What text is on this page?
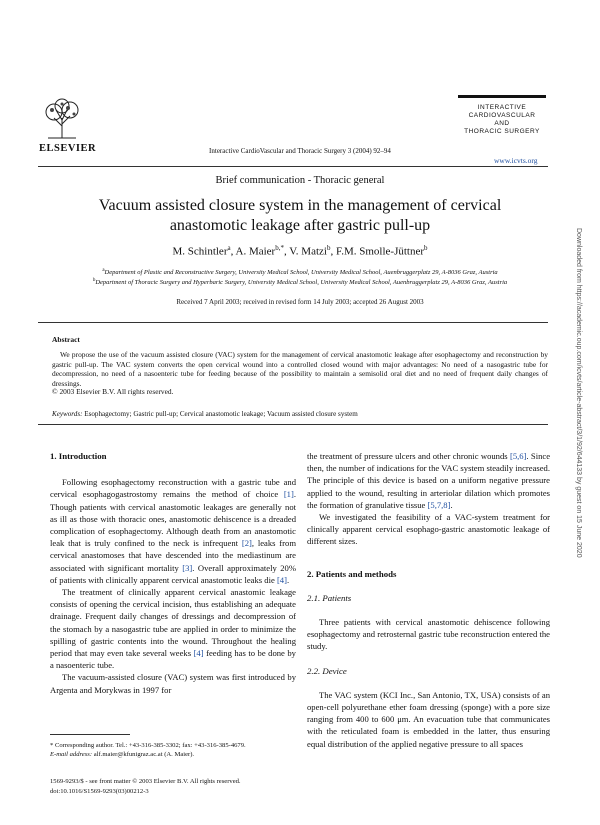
ELSEVIER	Interactive CardioVascular and Thoracic Surgery 3 (2004) 92–94
INTERACTIVE
CARDIOVASCULAR
AND
THORACIC SURGERY
www.icvts.org
Brief communication - Thoracic general
Vacuum assisted closure system in the management of cervical
anastomotic leakage after gastric pull-up
M. Schintler$^a$, A. Maier$^{b,*}$, V. Matzi$^b$, F.M. Smolle-Jüttner$^b$
$^a$Department of Plastic and Reconstructive Surgery, University Medical School, University Medical School, Auenbruggerplatz 29, A-8036 Graz, Austria
$^b$Department of Thoracic Surgery and Hyperbaric Surgery, University Medical School, University Medical School, Auenbruggerplatz 29, A-8036 Graz, Austria
Received 7 April 2003; received in revised form 14 July 2003; accepted 26 August 2003
Abstract
We propose the use of the vacuum assisted closure (VAC) system for the management of cervical anastomotic leakage after esophagectomy and reconstruction by gastric pull-up. The VAC system converts the open cervical wound into a controlled closed wound with major advantages: No need of a nasogastric tube for decompression, no need of a nasoenteric tube for feeding because of the possibility to maintain a semisolid oral diet and no need of frequent daily changes of dressings.
© 2003 Elsevier B.V. All rights reserved.
Keywords: Esophagectomy; Gastric pull-up; Cervical anastomotic leakage; Vacuum assisted closure system
1. Introduction

Following esophagectomy reconstruction with a gastric tube and cervical esophagogastrostomy remains the method of choice [1]. Though patients with cervical anastomotic leakages are generally not as ill as those with thoracic ones, anastomotic dehiscence is a dreaded complication of esophagectomy. Although death from an anastomotic leak that is truly confined to the neck is infrequent [2], leaks from cervical anastomoses that have descended into the mediastinum are associated with significant mortality [3]. Overall approximately 20% of patients with clinically apparent cervical anastomotic leaks die [4].

The treatment of clinically apparent cervical anastomic leakage consists of opening the cervical incision, thus establishing an adequate drainage. Frequent daily changes of dressings and decompression of the stomach by a nasogastric tube are applied in order to minimize the spilling of gastric contents into the wound. Throughout the healing period that may even take several weeks [4] feeding has to be done by a nasoenteric tube.

The vacuum-assisted closure (VAC) system was first introduced by Argenta and Morykwas in 1997 for

* Corresponding author. Tel.: +43-316-385-3302; fax: +43-316-385-4679.
E-mail address: alf.maier@kfunigraz.ac.at (A. Maier).
1569-9293/$ - see front matter © 2003 Elsevier B.V. All rights reserved.
doi:10.1016/S1569-9293(03)00212-3

the treatment of pressure ulcers and other chronic wounds [5,6]. Since then, the number of indications for the VAC system steadily increased. The principle of this device is based on a uniform negative pressure applied to the wound, resulting in arteriolar dilation which promotes the formation of granulative tissue [5,7,8].

We investigated the feasibility of a VAC-system treatment for clinically apparent cervical esophago-gastric anastomotic leakage of different sizes.

2. Patients and methods
2.1. Patients

Three patients with cervical anastomotic dehiscence following esophagectomy and retrosternal gastric tube reconstruction entered the study.

2.2. Device

The VAC system (KCI Inc., San Antonio, TX, USA) consists of an open-cell polyurethane ether foam dressing (sponge) with a pore size ranging from 400 to 600 μm. An evacuation tube that communicates with the reticulated foam is embedded in the latter, thus ensuring equal distribution of the applied negative pressure to all spaces

Downloaded from https://academic.oup.com/icvts/article-abstract/3/1/92/644133 by guest on 15 June 2020
